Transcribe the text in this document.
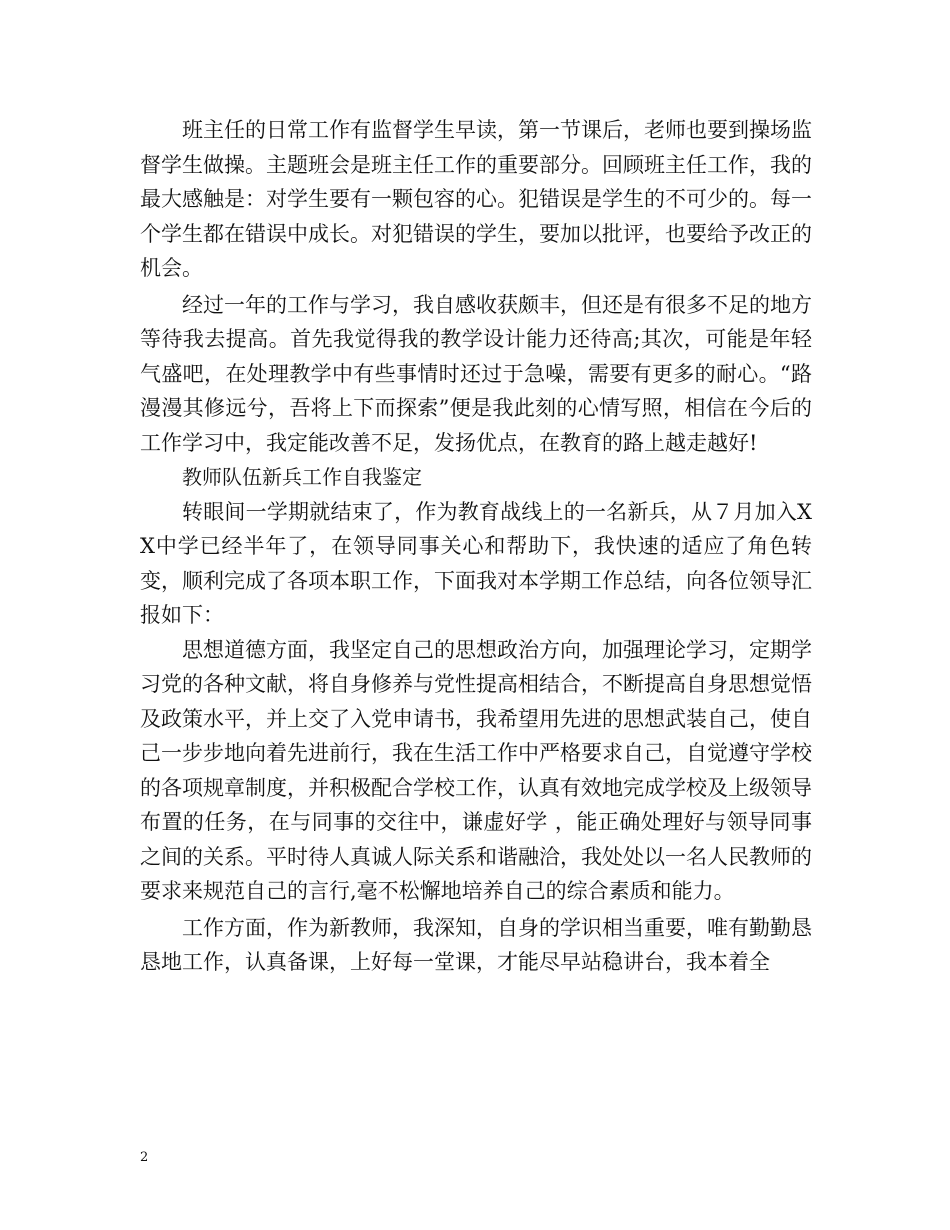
班主任的日常工作有监督学生早读，第一节课后，老师也要到操场监督学生做操。主题班会是班主任工作的重要部分。回顾班主任工作，我的最大感触是：对学生要有一颗包容的心。犯错误是学生的不可少的。每一个学生都在错误中成长。对犯错误的学生，要加以批评，也要给予改正的机会。

经过一年的工作与学习，我自感收获颇丰，但还是有很多不足的地方等待我去提高。首先我觉得我的教学设计能力还待高;其次，可能是年轻气盛吧，在处理教学中有些事情时还过于急噪，需要有更多的耐心。“路漫漫其修远兮，吾将上下而探索”便是我此刻的心情写照，相信在今后的工作学习中，我定能改善不足，发扬优点，在教育的路上越走越好!

教师队伍新兵工作自我鉴定

转眼间一学期就结束了，作为教育战线上的一名新兵，从７月加入XX中学已经半年了，在领导同事关心和帮助下，我快速的适应了角色转变，顺利完成了各项本职工作，下面我对本学期工作总结，向各位领导汇报如下：

思想道德方面，我坚定自己的思想政治方向，加强理论学习，定期学习党的各种文献，将自身修养与党性提高相结合，不断提高自身思想觉悟及政策水平，并上交了入党申请书，我希望用先进的思想武装自己，使自己一步步地向着先进前行，我在生活工作中严格要求自己，自觉遵守学校的各项规章制度，并积极配合学校工作，认真有效地完成学校及上级领导布置的任务，在与同事的交往中，谦虚好学 ，能正确处理好与领导同事之间的关系。平时待人真诚人际关系和谐融洽，我处处以一名人民教师的要求来规范自己的言行,毫不松懈地培养自己的综合素质和能力。

工作方面，作为新教师，我深知，自身的学识相当重要，唯有勤勤恳恳地工作，认真备课，上好每一堂课，才能尽早站稳讲台，我本着全

2
